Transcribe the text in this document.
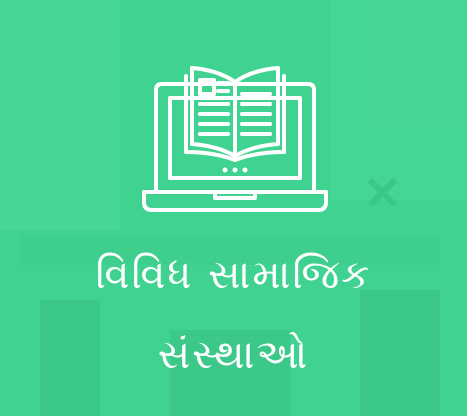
વિવિધ સામાજિક
સંસ્થાઓ
